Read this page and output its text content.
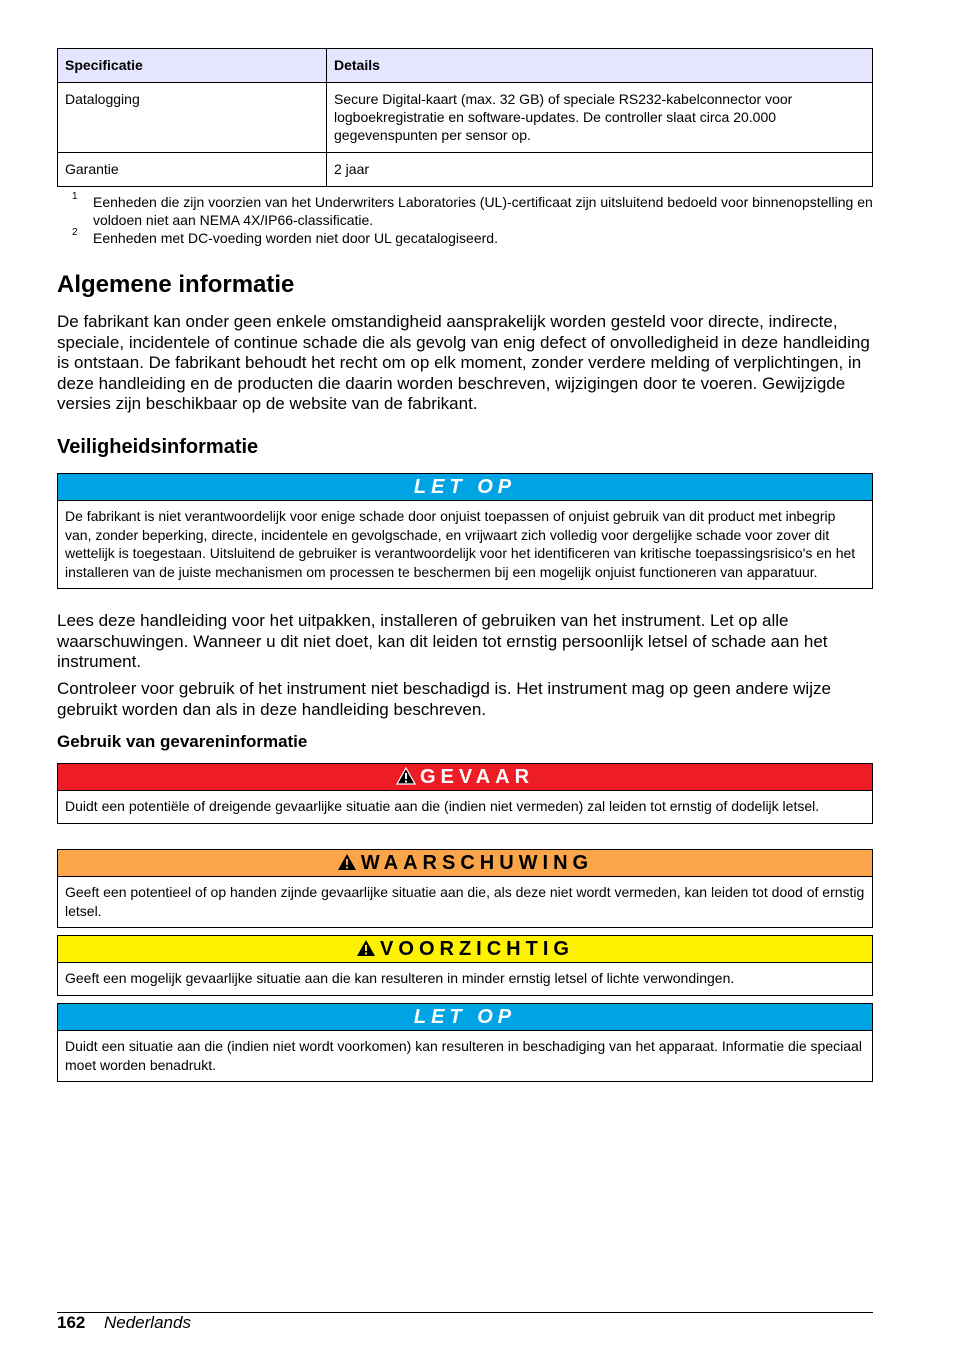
Specificatie	Details
Datalogging	Secure Digital-kaart (max. 32 GB) of speciale RS232-kabelconnector voor logboekregistratie en software-updates. De controller slaat circa 20.000 gegevenspunten per sensor op.
Garantie	2 jaar
1 Eenheden die zijn voorzien van het Underwriters Laboratories (UL)-certificaat zijn uitsluitend bedoeld voor binnenopstelling en voldoen niet aan NEMA 4X/IP66-classificatie.
2 Eenheden met DC-voeding worden niet door UL gecatalogiseerd.
Algemene informatie

De fabrikant kan onder geen enkele omstandigheid aansprakelijk worden gesteld voor directe, indirecte, speciale, incidentele of continue schade die als gevolg van enig defect of onvolledigheid in deze handleiding is ontstaan. De fabrikant behoudt het recht om op elk moment, zonder verdere melding of verplichtingen, in deze handleiding en de producten die daarin worden beschreven, wijzigingen door te voeren. Gewijzigde versies zijn beschikbaar op de website van de fabrikant.

Veiligheidsinformatie
LET OP
De fabrikant is niet verantwoordelijk voor enige schade door onjuist toepassen of onjuist gebruik van dit product met inbegrip van, zonder beperking, directe, incidentele en gevolgschade, en vrijwaart zich volledig voor dergelijke schade voor zover dit wettelijk is toegestaan. Uitsluitend de gebruiker is verantwoordelijk voor het identificeren van kritische toepassingsrisico's en het installeren van de juiste mechanismen om processen te beschermen bij een mogelijk onjuist functioneren van apparatuur.

Lees deze handleiding voor het uitpakken, installeren of gebruiken van het instrument. Let op alle waarschuwingen. Wanneer u dit niet doet, kan dit leiden tot ernstig persoonlijk letsel of schade aan het instrument.

Controleer voor gebruik of het instrument niet beschadigd is. Het instrument mag op geen andere wijze gebruikt worden dan als in deze handleiding beschreven.

Gebruik van gevareninformatie
GEVAAR
Duidt een potentiële of dreigende gevaarlijke situatie aan die (indien niet vermeden) zal leiden tot ernstig of dodelijk letsel.
WAARSCHUWING
Geeft een potentieel of op handen zijnde gevaarlijke situatie aan die, als deze niet wordt vermeden, kan leiden tot dood of ernstig letsel.
VOORZICHTIG
Geeft een mogelijk gevaarlijke situatie aan die kan resulteren in minder ernstig letsel of lichte verwondingen.
LET OP
Duidt een situatie aan die (indien niet wordt voorkomen) kan resulteren in beschadiging van het apparaat. Informatie die speciaal moet worden benadrukt.
162 Nederlands
